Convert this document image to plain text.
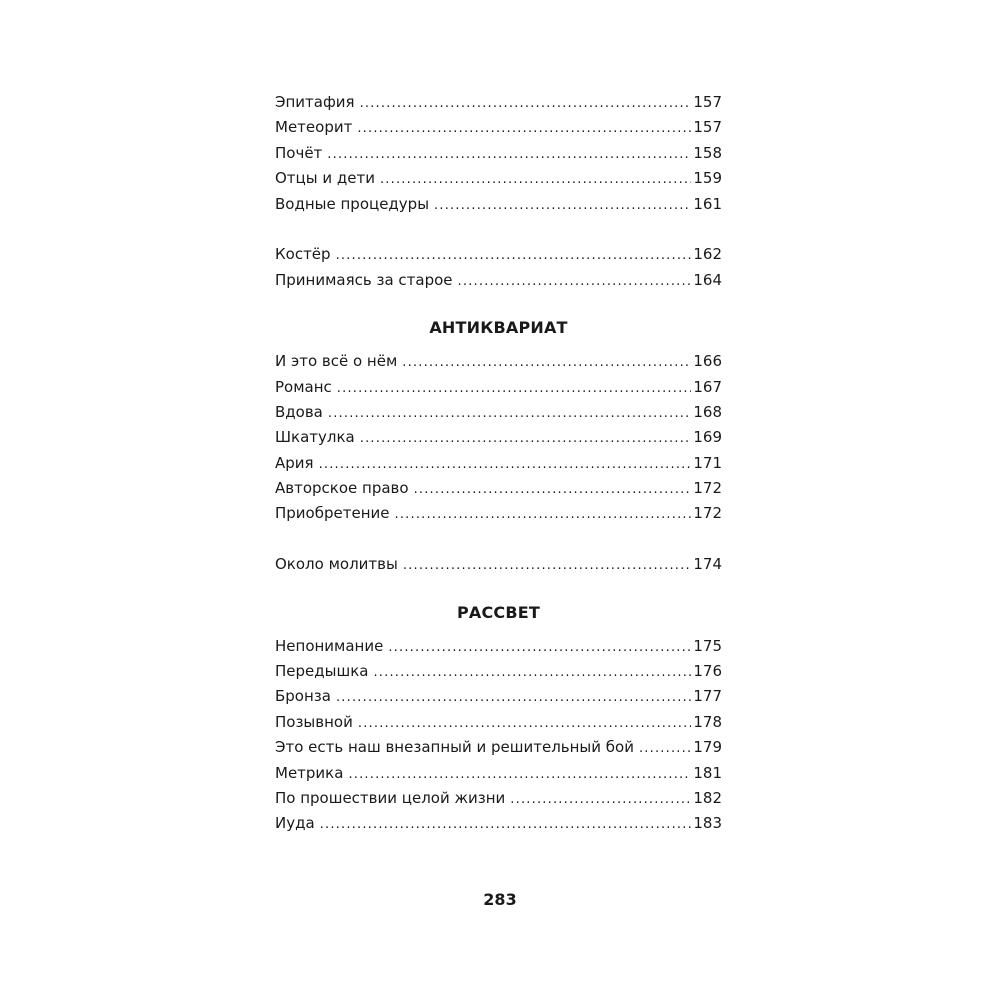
Эпитафия .....	157
Метеорит .....	157
Почёт .....	158
Отцы и дети .....	159
Водные процедуры .....	161
Костёр .....	162
Принимаясь за старое .....	164
АНТИКВАРИАТ
И это всё о нём .....	166
Романс .....	167
Вдова .....	168
Шкатулка .....	169
Ария .....	171
Авторское право .....	172
Приобретение .....	172
Около молитвы .....	174
РАССВЕТ
Непонимание .....	175
Передышка .....	176
Бронза .....	177
Позывной .....	178
Это есть наш внезапный и решительный бой .....	179
Метрика .....	181
По прошествии целой жизни .....	182
Иуда .....	183
283
